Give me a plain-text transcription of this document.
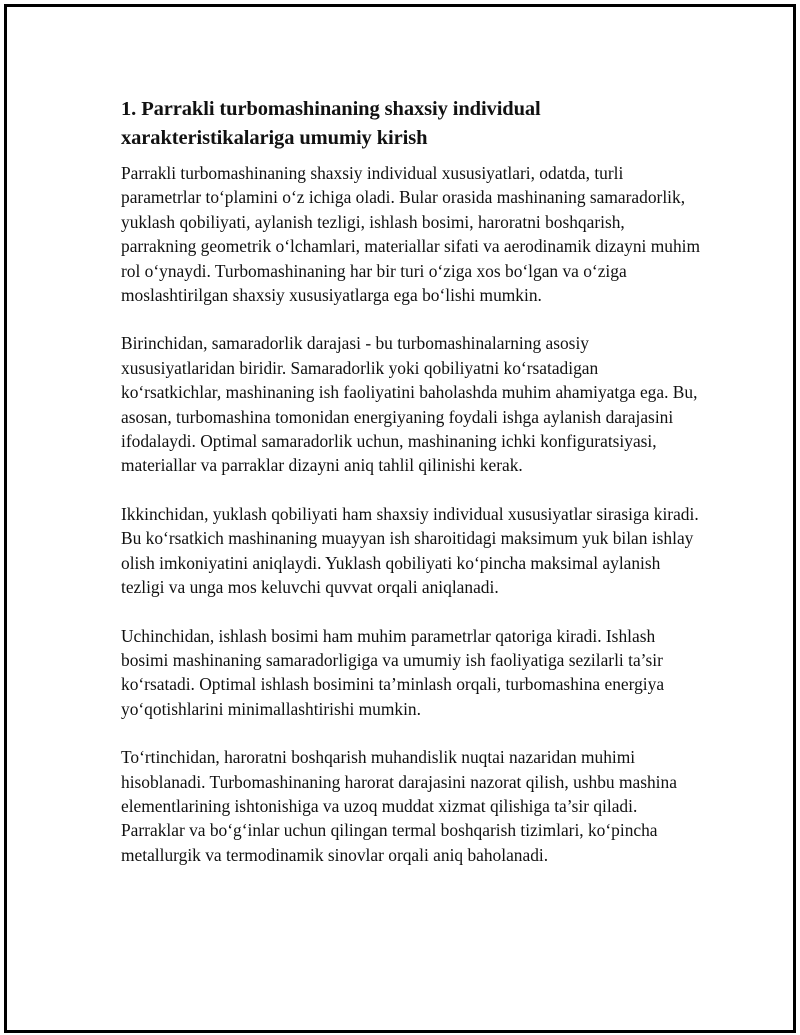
1. Parrakli turbomashinaning shaxsiy individual xarakteristikalariga umumiy kirish

Parrakli turbomashinaning shaxsiy individual xususiyatlari, odatda, turli parametrlar to‘plamini o‘z ichiga oladi. Bular orasida mashinaning samaradorlik, yuklash qobiliyati, aylanish tezligi, ishlash bosimi, haroratni boshqarish, parrakning geometrik o‘lchamlari, materiallar sifati va aerodinamik dizayni muhim rol o‘ynaydi. Turbomashinaning har bir turi o‘ziga xos bo‘lgan va o‘ziga moslashtirilgan shaxsiy xususiyatlarga ega bo‘lishi mumkin.

Birinchidan, samaradorlik darajasi - bu turbomashinalarning asosiy xususiyatlaridan biridir. Samaradorlik yoki qobiliyatni ko‘rsatadigan ko‘rsatkichlar, mashinaning ish faoliyatini baholashda muhim ahamiyatga ega. Bu, asosan, turbomashina tomonidan energiyaning foydali ishga aylanish darajasini ifodalaydi. Optimal samaradorlik uchun, mashinaning ichki konfiguratsiyasi, materiallar va parraklar dizayni aniq tahlil qilinishi kerak.

Ikkinchidan, yuklash qobiliyati ham shaxsiy individual xususiyatlar sirasiga kiradi. Bu ko‘rsatkich mashinaning muayyan ish sharoitidagi maksimum yuk bilan ishlay olish imkoniyatini aniqlaydi. Yuklash qobiliyati ko‘pincha maksimal aylanish tezligi va unga mos keluvchi quvvat orqali aniqlanadi.

Uchinchidan, ishlash bosimi ham muhim parametrlar qatoriga kiradi. Ishlash bosimi mashinaning samaradorligiga va umumiy ish faoliyatiga sezilarli ta’sir ko‘rsatadi. Optimal ishlash bosimini ta’minlash orqali, turbomashina energiya yo‘qotishlarini minimallashtirishi mumkin.

To‘rtinchidan, haroratni boshqarish muhandislik nuqtai nazaridan muhimi hisoblanadi. Turbomashinaning harorat darajasini nazorat qilish, ushbu mashina elementlarining ishtonishiga va uzoq muddat xizmat qilishiga ta’sir qiladi. Parraklar va bo‘g‘inlar uchun qilingan termal boshqarish tizimlari, ko‘pincha metallurgik va termodinamik sinovlar orqali aniq baholanadi.
